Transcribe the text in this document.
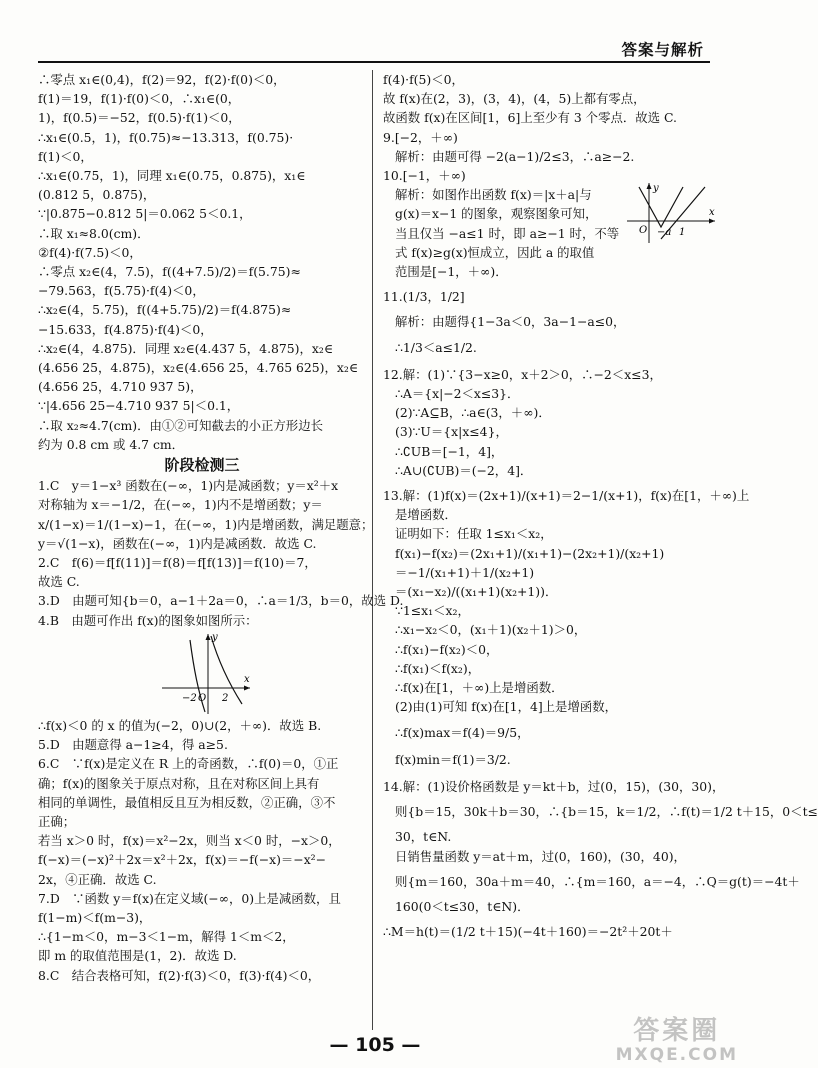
答案与解析

∴零点 x₁∈(0,4)，f(2)＝92，f(2)·f(0)＜0，

f(1)＝19，f(1)·f(0)＜0，∴x₁∈(0，

1)，f(0.5)＝−52，f(0.5)·f(1)＜0，

∴x₁∈(0.5，1)，f(0.75)≈−13.313，f(0.75)·

f(1)＜0，

∴x₁∈(0.75，1)，同理 x₁∈(0.75，0.875)，x₁∈

(0.812 5，0.875)，

∵|0.875−0.812 5|＝0.062 5＜0.1，

∴取 x₁≈8.0(cm)．

②f(4)·f(7.5)＜0，

∴零点 x₂∈(4，7.5)，f((4+7.5)/2)＝f(5.75)≈

−79.563，f(5.75)·f(4)＜0，

∴x₂∈(4，5.75)，f((4+5.75)/2)＝f(4.875)≈

−15.633，f(4.875)·f(4)＜0，

∴x₂∈(4，4.875)．同理 x₂∈(4.437 5，4.875)，x₂∈

(4.656 25，4.875)，x₂∈(4.656 25，4.765 625)，x₂∈

(4.656 25，4.710 937 5)，

∵|4.656 25−4.710 937 5|＜0.1，

∴取 x₂≈4.7(cm)．由①②可知截去的小正方形边长

约为 0.8 cm 或 4.7 cm．

阶段检测三

1.C　y＝1−x³ 函数在(−∞，1)内是减函数；y＝x²＋x

对称轴为 x＝−1/2，在(−∞，1)内不是增函数；y＝

x/(1−x)＝1/(1−x)−1，在(−∞，1)内是增函数，满足题意；

y＝√(1−x)，函数在(−∞，1)内是减函数．故选 C.

2.C　f(6)＝f[f(11)]＝f(8)＝f[f(13)]＝f(10)＝7，

故选 C.

3.D　由题可知{b＝0，a−1＋2a＝0，∴a＝1/3，b＝0，故选 D.

4.B　由题可作出 f(x)的图象如图所示：

−2 O 2
y
x

∴f(x)＜0 的 x 的值为(−2，0)∪(2，＋∞)．故选 B.

5.D　由题意得 a−1≥4，得 a≥5.

6.C　∵f(x)是定义在 R 上的奇函数，∴f(0)＝0，①正

确；f(x)的图象关于原点对称，且在对称区间上具有

相同的单调性，最值相反且互为相反数，②正确，③不

正确；

若当 x＞0 时，f(x)＝x²−2x，则当 x＜0 时，−x＞0，

f(−x)＝(−x)²＋2x＝x²＋2x，f(x)＝−f(−x)＝−x²−

2x，④正确．故选 C.

7.D　∵函数 y＝f(x)在定义域(−∞，0)上是减函数，且

f(1−m)＜f(m−3)，

∴{1−m＜0，m−3＜1−m，解得 1＜m＜2，

即 m 的取值范围是(1，2)．故选 D.

8.C　结合表格可知，f(2)·f(3)＜0，f(3)·f(4)＜0，

f(4)·f(5)＜0，

故 f(x)在(2，3)，(3，4)，(4，5)上都有零点，

故函数 f(x)在区间[1，6]上至少有 3 个零点．故选 C.

9.[−2，＋∞)

解析：由题可得 −2(a−1)/2≤3，∴a≥−2.

10.[−1，＋∞)

O −a 1
y
x

解析：如图作出函数 f(x)＝|x＋a|与

g(x)＝x−1 的图象，观察图象可知，

当且仅当 −a≤1 时，即 a≥−1 时，不等

式 f(x)≥g(x)恒成立，因此 a 的取值

范围是[−1，＋∞)．

11.(1/3，1/2]

解析：由题得{1−3a＜0，3a−1−a≤0，

∴1/3＜a≤1/2.

12.解：(1)∵{3−x≥0，x＋2＞0，∴−2＜x≤3，

∴A＝{x|−2＜x≤3}．

(2)∵A⊆B，∴a∈(3，＋∞)．

(3)∵U＝{x|x≤4}，

∴∁UB＝[−1，4]，

∴A∪(∁UB)＝(−2，4]．

13.解：(1)f(x)＝(2x+1)/(x+1)＝2−1/(x+1)，f(x)在[1，＋∞)上

是增函数．

证明如下：任取 1≤x₁＜x₂，

f(x₁)−f(x₂)＝(2x₁+1)/(x₁+1)−(2x₂+1)/(x₂+1)

＝−1/(x₁+1)＋1/(x₂+1)

＝(x₁−x₂)/((x₁+1)(x₂+1))．

∵1≤x₁＜x₂，

∴x₁−x₂＜0，(x₁＋1)(x₂＋1)＞0，

∴f(x₁)−f(x₂)＜0，

∴f(x₁)＜f(x₂)，

∴f(x)在[1，＋∞)上是增函数．

(2)由(1)可知 f(x)在[1，4]上是增函数，

∴f(x)max＝f(4)＝9/5，

f(x)min＝f(1)＝3/2.

14.解：(1)设价格函数是 y＝kt＋b，过(0，15)，(30，30)，

则{b＝15，30k＋b＝30，∴{b＝15，k＝1/2，∴f(t)＝1/2 t＋15，0＜t≤

30，t∈N.

日销售量函数 y＝at＋m，过(0，160)，(30，40)，

则{m＝160，30a＋m＝40，∴{m＝160，a＝−4，∴Q＝g(t)＝−4t＋

160(0＜t≤30，t∈N)．

∴M＝h(t)＝(1/2 t＋15)(−4t＋160)＝−2t²＋20t＋

— 105 —	答案圈
MXQE.COM
